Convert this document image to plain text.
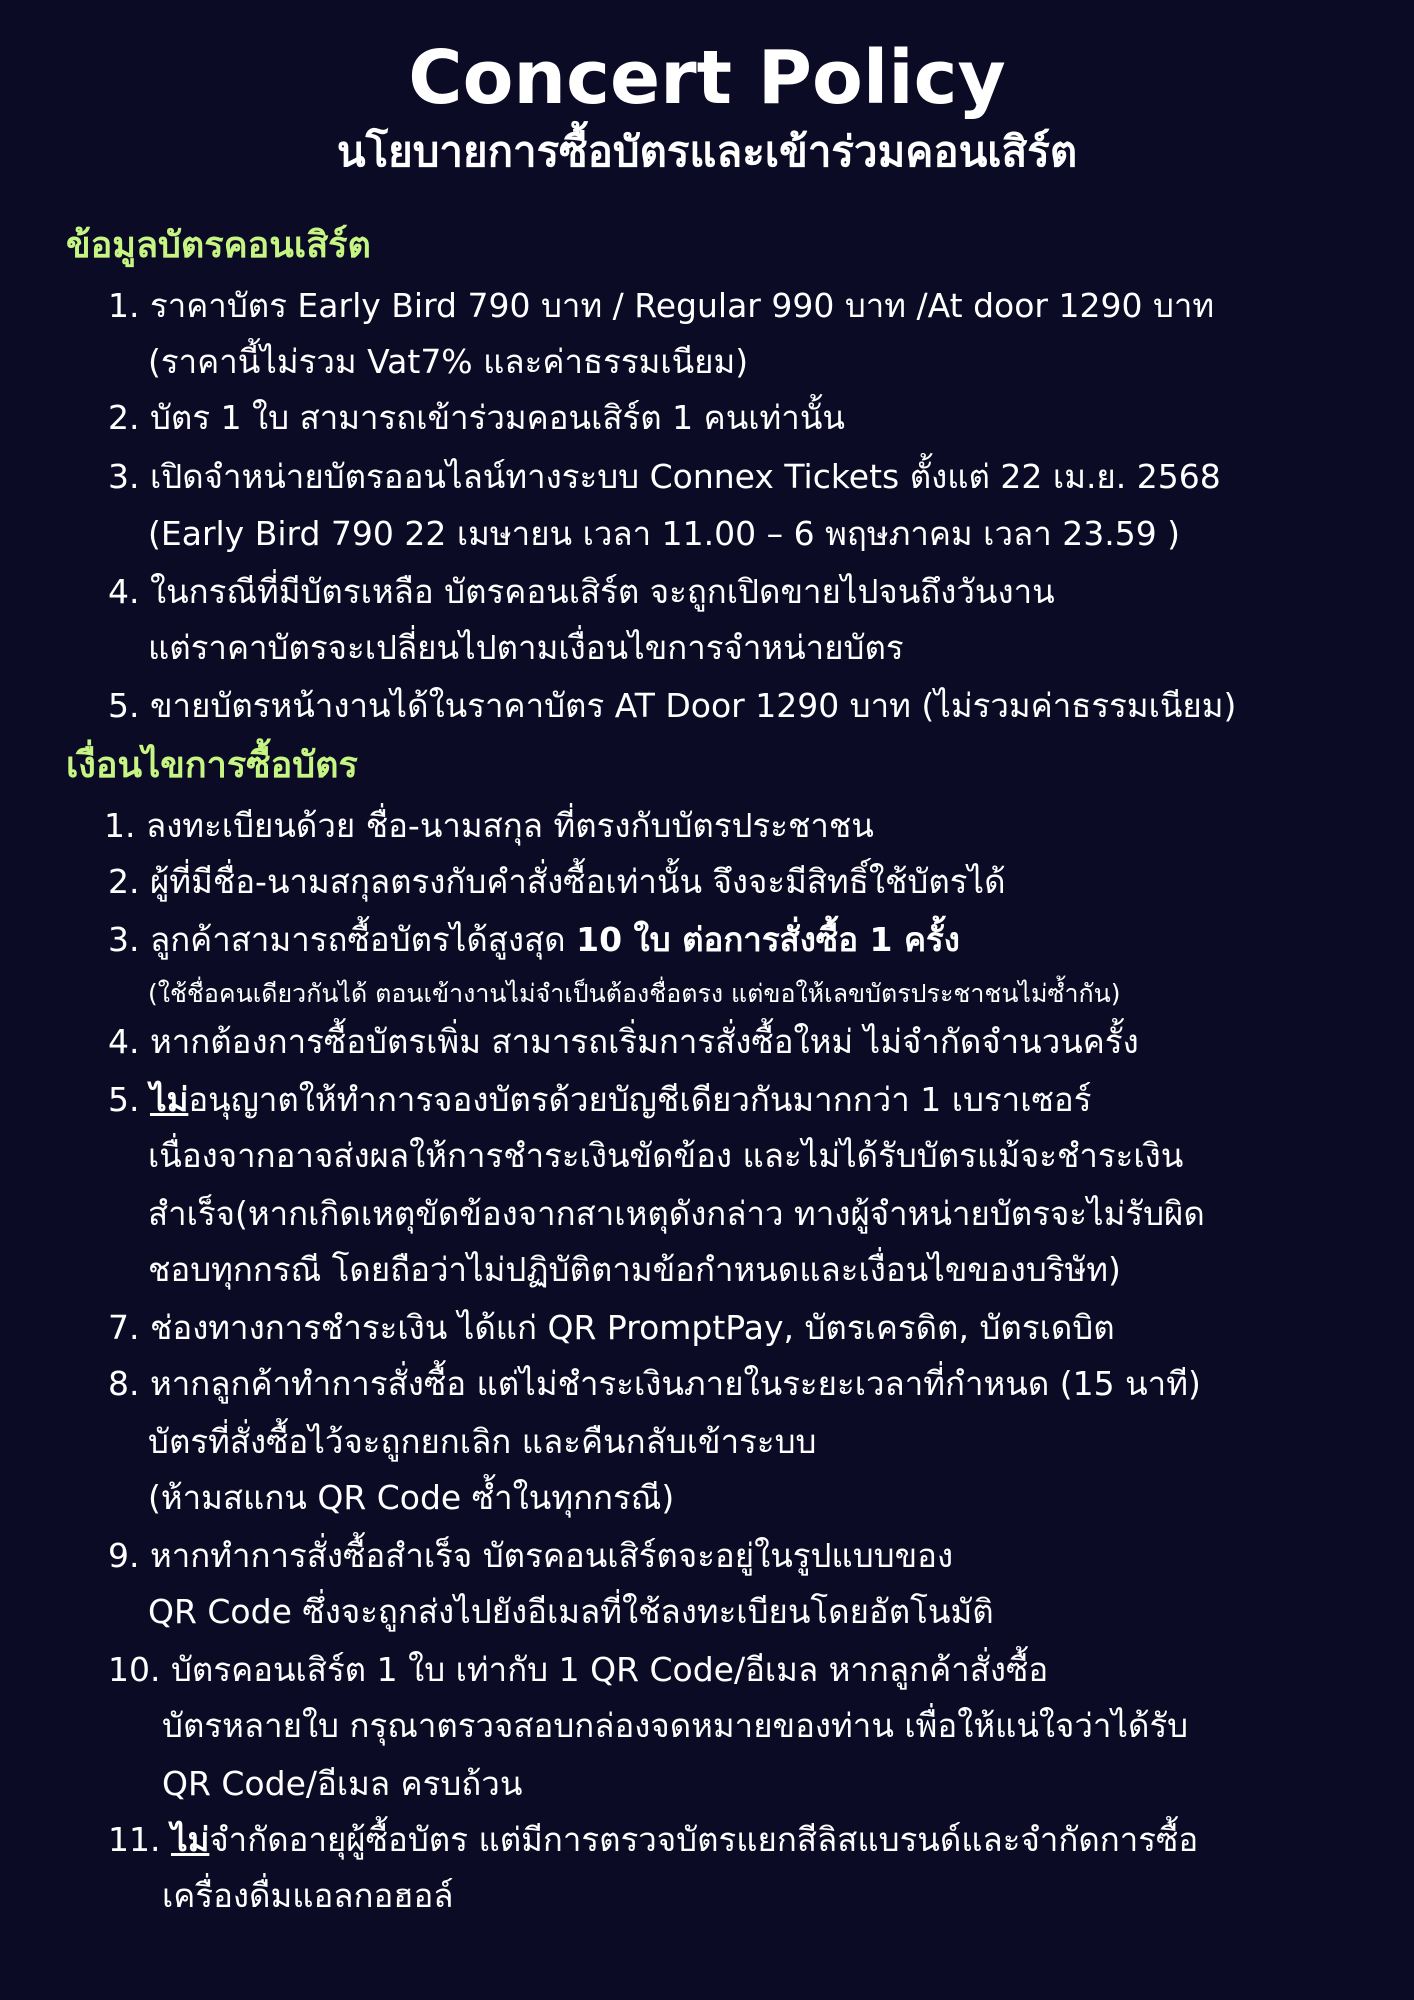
Concert Policy
นโยบายการซื้อบัตรและเข้าร่วมคอนเสิร์ต
ข้อมูลบัตรคอนเสิร์ต

1. ราคาบัตร Early Bird 790 บาท / Regular 990 บาท /At door 1290 บาท

(ราคานี้ไม่รวม Vat7% และค่าธรรมเนียม)

2. บัตร 1 ใบ สามารถเข้าร่วมคอนเสิร์ต 1 คนเท่านั้น

3. เปิดจำหน่ายบัตรออนไลน์ทางระบบ Connex Tickets ตั้งแต่ 22 เม.ย. 2568

(Early Bird 790 22 เมษายน เวลา 11.00 – 6 พฤษภาคม เวลา 23.59 )

4. ในกรณีที่มีบัตรเหลือ บัตรคอนเสิร์ต จะถูกเปิดขายไปจนถึงวันงาน

แต่ราคาบัตรจะเปลี่ยนไปตามเงื่อนไขการจำหน่ายบัตร

5. ขายบัตรหน้างานได้ในราคาบัตร AT Door 1290 บาท (ไม่รวมค่าธรรมเนียม)

เงื่อนไขการซื้อบัตร

1. ลงทะเบียนด้วย ชื่อ-นามสกุล ที่ตรงกับบัตรประชาชน

2. ผู้ที่มีชื่อ-นามสกุลตรงกับคำสั่งซื้อเท่านั้น จึงจะมีสิทธิ์ใช้บัตรได้

3. ลูกค้าสามารถซื้อบัตรได้สูงสุด 10 ใบ ต่อการสั่งซื้อ 1 ครั้ง

(ใช้ชื่อคนเดียวกันได้ ตอนเข้างานไม่จำเป็นต้องชื่อตรง แต่ขอให้เลขบัตรประชาชนไม่ซ้ำกัน)

4. หากต้องการซื้อบัตรเพิ่ม สามารถเริ่มการสั่งซื้อใหม่ ไม่จำกัดจำนวนครั้ง

5. ไม่อนุญาตให้ทำการจองบัตรด้วยบัญชีเดียวกันมากกว่า 1 เบราเซอร์

เนื่องจากอาจส่งผลให้การชำระเงินขัดข้อง และไม่ได้รับบัตรแม้จะชำระเงิน

สำเร็จ(หากเกิดเหตุขัดข้องจากสาเหตุดังกล่าว ทางผู้จำหน่ายบัตรจะไม่รับผิด

ชอบทุกกรณี โดยถือว่าไม่ปฏิบัติตามข้อกำหนดและเงื่อนไขของบริษัท)

7. ช่องทางการชำระเงิน ได้แก่ QR PromptPay, บัตรเครดิต, บัตรเดบิต

8. หากลูกค้าทำการสั่งซื้อ แต่ไม่ชำระเงินภายในระยะเวลาที่กำหนด (15 นาที)

บัตรที่สั่งซื้อไว้จะถูกยกเลิก และคืนกลับเข้าระบบ

(ห้ามสแกน QR Code ซ้ำในทุกกรณี)

9. หากทำการสั่งซื้อสำเร็จ บัตรคอนเสิร์ตจะอยู่ในรูปแบบของ

QR Code ซึ่งจะถูกส่งไปยังอีเมลที่ใช้ลงทะเบียนโดยอัตโนมัติ

10. บัตรคอนเสิร์ต 1 ใบ เท่ากับ 1 QR Code/อีเมล หากลูกค้าสั่งซื้อ

บัตรหลายใบ กรุณาตรวจสอบกล่องจดหมายของท่าน เพื่อให้แน่ใจว่าได้รับ

QR Code/อีเมล ครบถ้วน

11. ไม่จำกัดอายุผู้ซื้อบัตร แต่มีการตรวจบัตรแยกสีลิสแบรนด์และจำกัดการซื้อ

เครื่องดื่มแอลกอฮอล์
